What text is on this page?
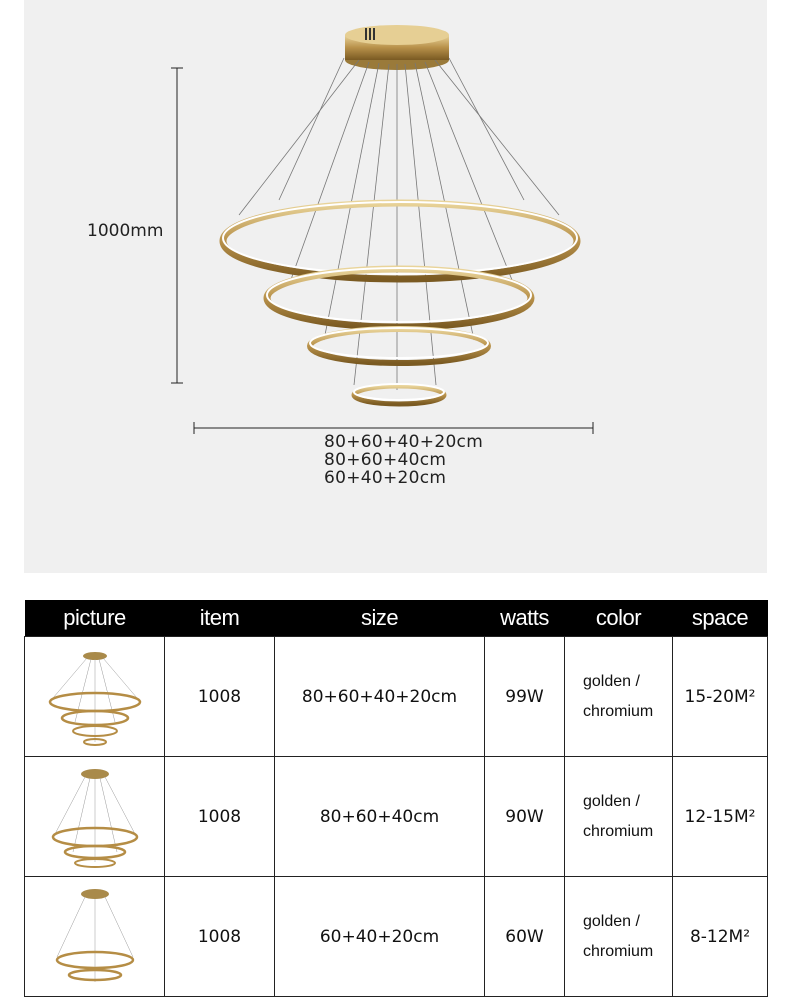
1000mm
80+60+40+20cm
80+60+40cm
60+40+20cm
picture	item	size	watts	color	space

	1008	80+60+40+20cm	99W	golden /
chromium	15-20M²

	1008	80+60+40cm	90W	golden /
chromium	12-15M²

	1008	60+40+20cm	60W	golden /
chromium	8-12M²
